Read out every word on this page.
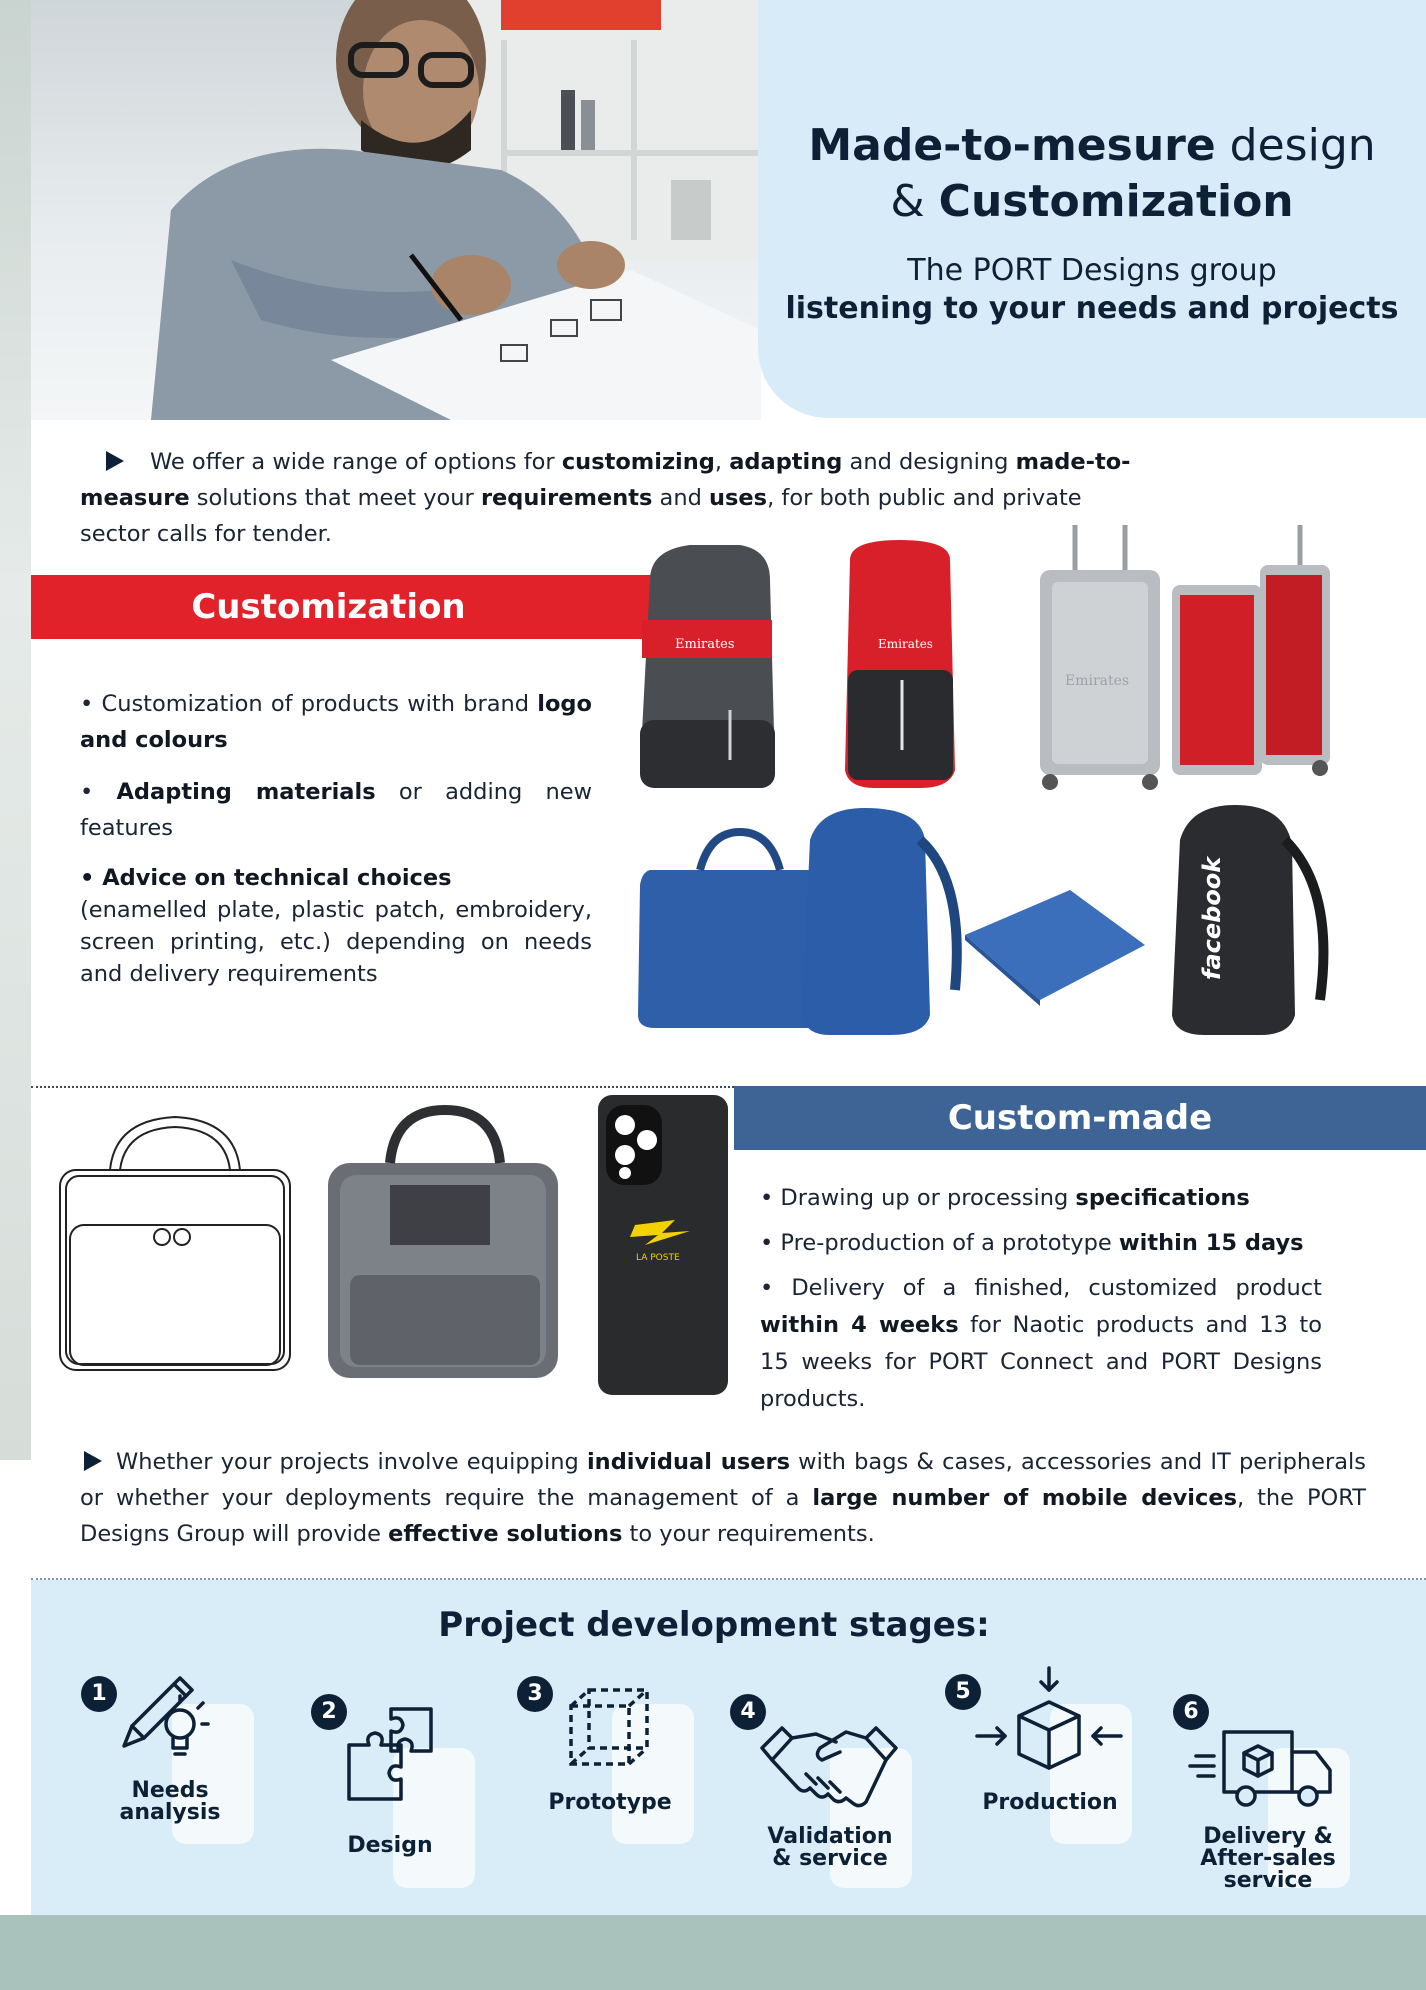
Made-to-mesure design
& Customization
The PORT Designs group
listening to your needs and projects
We offer a wide range of options for customizing, adapting and designing made-to-measure solutions that meet your requirements and uses, for both public and private sector calls for tender.
Customization

• Customization of products with brand logo and colours

• Adapting materials or adding new features

• Advice on technical choices
(enamelled plate, plastic patch, embroidery, screen printing, etc.) depending on needs and delivery requirements

Emirates	Emirates
Emirates
facebook
LA POSTE
Custom-made

• Drawing up or processing specifications

• Pre-production of a prototype within 15 days

• Delivery of a finished, customized product within 4 weeks for Naotic products and 13 to 15 weeks for PORT Connect and PORT Designs products.

Whether your projects involve equipping individual users with bags & cases, accessories and IT peripherals or whether your deployments require the management of a large number of mobile devices, the PORT Designs Group will provide effective solutions to your requirements.
Project development stages:
1
Needs
analysis
2
Design
3
Prototype
4
Validation
& service
5
Production
6
Delivery &
After-sales
service
